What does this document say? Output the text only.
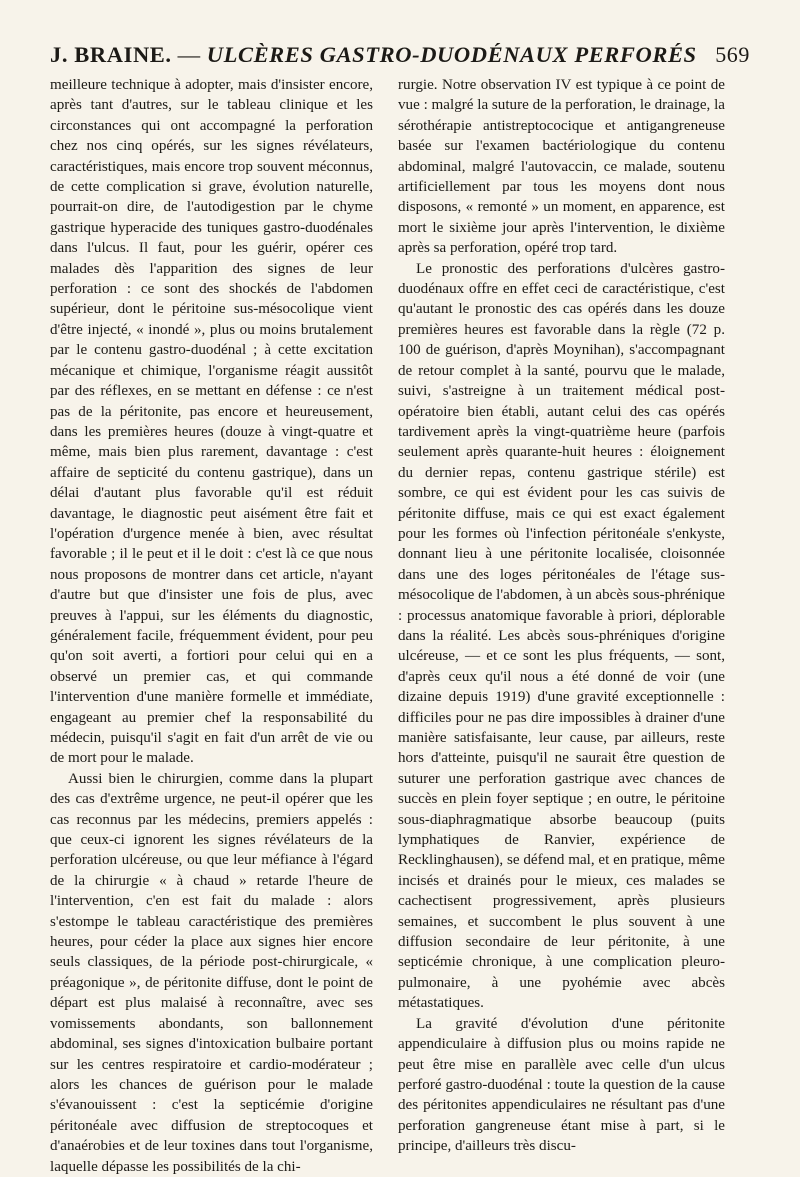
J. BRAINE. — ULCÈRES GASTRO-DUODÉNAUX PERFORÉS 569

meilleure technique à adopter, mais d'insister encore, après tant d'autres, sur le tableau clinique et les circonstances qui ont accompagné la perforation chez nos cinq opérés, sur les signes révélateurs, caractéristiques, mais encore trop souvent méconnus, de cette complication si grave, évolution naturelle, pourrait-on dire, de l'autodigestion par le chyme gastrique hyperacide des tuniques gastro-duodénales dans l'ulcus. Il faut, pour les guérir, opérer ces malades dès l'apparition des signes de leur perforation : ce sont des shockés de l'abdomen supérieur, dont le péritoine sus-mésocolique vient d'être injecté, « inondé », plus ou moins brutalement par le contenu gastro-duodénal ; à cette excitation mécanique et chimique, l'organisme réagit aussitôt par des réflexes, en se mettant en défense : ce n'est pas de la péritonite, pas encore et heureusement, dans les premières heures (douze à vingt-quatre et même, mais bien plus rarement, davantage : c'est affaire de septicité du contenu gastrique), dans un délai d'autant plus favorable qu'il est réduit davantage, le diagnostic peut aisément être fait et l'opération d'urgence menée à bien, avec résultat favorable ; il le peut et il le doit : c'est là ce que nous nous proposons de montrer dans cet article, n'ayant d'autre but que d'insister une fois de plus, avec preuves à l'appui, sur les éléments du diagnostic, généralement facile, fréquemment évident, pour peu qu'on soit averti, a fortiori pour celui qui en a observé un premier cas, et qui commande l'intervention d'une manière formelle et immédiate, engageant au premier chef la responsabilité du médecin, puisqu'il s'agit en fait d'un arrêt de vie ou de mort pour le malade.

Aussi bien le chirurgien, comme dans la plupart des cas d'extrême urgence, ne peut-il opérer que les cas reconnus par les médecins, premiers appelés : que ceux-ci ignorent les signes révélateurs de la perforation ulcéreuse, ou que leur méfiance à l'égard de la chirurgie « à chaud » retarde l'heure de l'intervention, c'en est fait du malade : alors s'estompe le tableau caractéristique des premières heures, pour céder la place aux signes hier encore seuls classiques, de la période post-chirurgicale, « préagonique », de péritonite diffuse, dont le point de départ est plus malaisé à reconnaître, avec ses vomissements abondants, son ballonnement abdominal, ses signes d'intoxication bulbaire portant sur les centres respiratoire et cardio-modérateur ; alors les chances de guérison pour le malade s'évanouissent : c'est la septicémie d'origine péritonéale avec diffusion de streptocoques et d'anaérobies et de leur toxines dans tout l'organisme, laquelle dépasse les possibilités de la chi-

rurgie. Notre observation IV est typique à ce point de vue : malgré la suture de la perforation, le drainage, la sérothérapie antistreptococique et antigangreneuse basée sur l'examen bactériologique du contenu abdominal, malgré l'autovaccin, ce malade, soutenu artificiellement par tous les moyens dont nous disposons, « remonté » un moment, en apparence, est mort le sixième jour après l'intervention, le dixième après sa perforation, opéré trop tard.

Le pronostic des perforations d'ulcères gastro-duodénaux offre en effet ceci de caractéristique, c'est qu'autant le pronostic des cas opérés dans les douze premières heures est favorable dans la règle (72 p. 100 de guérison, d'après Moynihan), s'accompagnant de retour complet à la santé, pourvu que le malade, suivi, s'astreigne à un traitement médical post-opératoire bien établi, autant celui des cas opérés tardivement après la vingt-quatrième heure (parfois seulement après quarante-huit heures : éloignement du dernier repas, contenu gastrique stérile) est sombre, ce qui est évident pour les cas suivis de péritonite diffuse, mais ce qui est exact également pour les formes où l'infection péritonéale s'enkyste, donnant lieu à une péritonite localisée, cloisonnée dans une des loges péritonéales de l'étage sus-mésocolique de l'abdomen, à un abcès sous-phrénique : processus anatomique favorable à priori, déplorable dans la réalité. Les abcès sous-phréniques d'origine ulcéreuse, — et ce sont les plus fréquents, — sont, d'après ceux qu'il nous a été donné de voir (une dizaine depuis 1919) d'une gravité exceptionnelle : difficiles pour ne pas dire impossibles à drainer d'une manière satisfaisante, leur cause, par ailleurs, reste hors d'atteinte, puisqu'il ne saurait être question de suturer une perforation gastrique avec chances de succès en plein foyer septique ; en outre, le péritoine sous-diaphragmatique absorbe beaucoup (puits lymphatiques de Ranvier, expérience de Recklinghausen), se défend mal, et en pratique, même incisés et drainés pour le mieux, ces malades se cachectisent progressivement, après plusieurs semaines, et succombent le plus souvent à une diffusion secondaire de leur péritonite, à une septicémie chronique, à une complication pleuro-pulmonaire, à une pyohémie avec abcès métastatiques.

La gravité d'évolution d'une péritonite appendiculaire à diffusion plus ou moins rapide ne peut être mise en parallèle avec celle d'un ulcus perforé gastro-duodénal : toute la question de la cause des péritonites appendiculaires ne résultant pas d'une perforation gangreneuse étant mise à part, si le principe, d'ailleurs très discu-
